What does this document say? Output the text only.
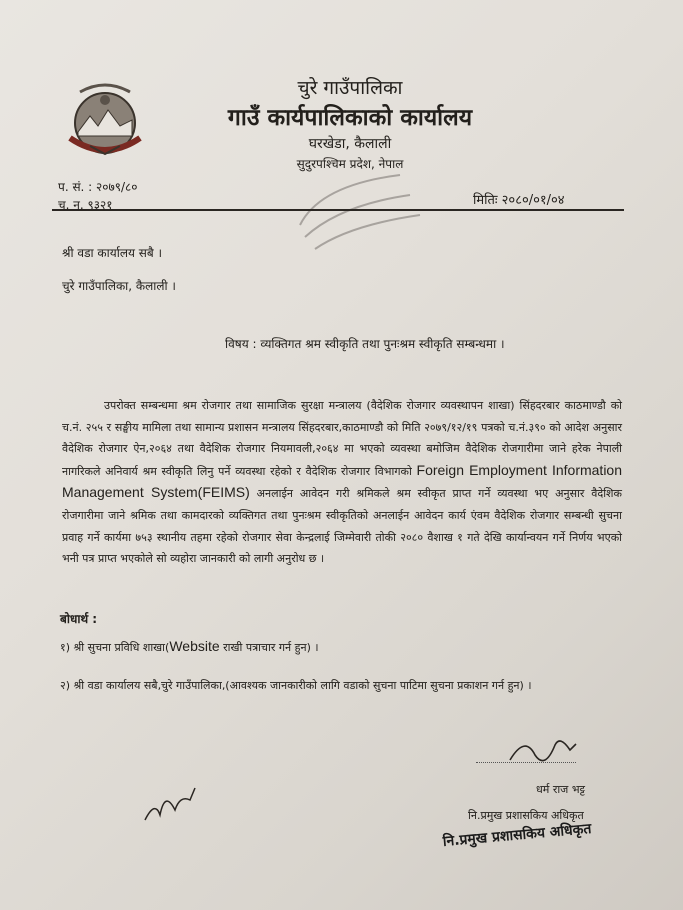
चुरे गाउँपालिका
गाउँ कार्यपालिकाको कार्यालय
घरखेडा, कैलाली
सुदुरपश्चिम प्रदेश, नेपाल
प. सं. : २०७९/८०
च. न. ९३२१	मितिः २०८०/०१/०४
श्री वडा कार्यालय सबै ।
चुरे गाउँपालिका, कैलाली ।
विषय : व्यक्तिगत श्रम स्वीकृति तथा पुनःश्रम स्वीकृति सम्बन्धमा ।
उपरोक्त सम्बन्धमा श्रम रोजगार तथा सामाजिक सुरक्षा मन्त्रालय (वैदेशिक रोजगार व्यवस्थापन शाखा) सिंहदरबार काठमाण्डौ को च.नं. २५५ र सङ्घीय मामिला तथा सामान्य प्रशासन मन्त्रालय सिंहदरबार,काठमाण्डौ को मिति २०७९/१२/१९ पत्रको च.नं.३९० को आदेश अनुसार वैदेशिक रोजगार ऐन,२०६४ तथा वैदेशिक रोजगार नियमावली,२०६४ मा भएको व्यवस्था बमोजिम वैदेशिक रोजगारीमा जाने हरेक नेपाली नागरिकले अनिवार्य श्रम स्वीकृति लिनु पर्ने व्यवस्था रहेको र वैदेशिक रोजगार विभागको Foreign Employment Information Management System(FEIMS) अनलाईन आवेदन गरी श्रमिकले श्रम स्वीकृत प्राप्त गर्ने व्यवस्था भए अनुसार वैदेशिक रोजगारीमा जाने श्रमिक तथा कामदारको व्यक्तिगत तथा पुनःश्रम स्वीकृतिको अनलाईन आवेदन कार्य एंवम वैदेशिक रोजगार सम्बन्धी सुचना प्रवाह गर्ने कार्यमा ७५३ स्थानीय तहमा रहेको रोजगार सेवा केन्द्रलाई जिम्मेवारी तोकी २०८० वैशाख १ गते देखि कार्यान्वयन गर्ने निर्णय भएको भनी पत्र प्राप्त भएकोले सो व्यहोरा जानकारी को लागी अनुरोध छ ।
बोधार्थ :
१) श्री सुचना प्रविधि शाखा(Website राखी पत्राचार गर्न हुन) ।
२) श्री वडा कार्यालय सबै,चुरे गाउँपालिका,(आवश्यक जानकारीको लागि वडाको सुचना पाटिमा सुचना प्रकाशन गर्न हुन) ।
धर्म राज भट्ट
नि.प्रमुख प्रशासकिय अधिकृत
नि.प्रमुख प्रशासकिय अधिकृत
